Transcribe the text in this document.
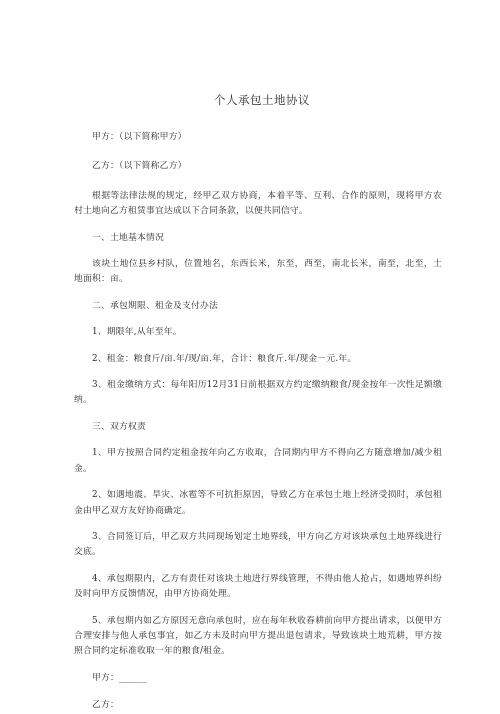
个人承包土地协议

甲方：（以下简称甲方）

乙方：（以下简称乙方）

根据等法律法规的规定，经甲乙双方协商，本着平等、互利、合作的原则，现将甲方农村土地向乙方租赁事宜达成以下合同条款，以便共同信守。

一、土地基本情况

该块土地位县乡村队，位置地名，东西长米，东至，西至，南北长米，南至，北至，土地面积：亩。

二、承包期限、租金及支付办法

1、期限年,从年至年。

2、租金：粮食斤/亩.年/现/亩.年，合计：粮食斤.年/现金－元.年。

3、租金缴纳方式：每年阳历12月31日前根据双方约定缴纳粮食/现金按年一次性足额缴纳。

三、双方权责

1、甲方按照合同约定租金按年向乙方收取，合同期内甲方不得向乙方随意增加/减少租金。

2、如遇地震、旱灾、冰雹等不可抗拒原因，导致乙方在承包土地上经济受损时，承包租金由甲乙双方友好协商确定。

3、合同签订后，甲乙双方共同现场划定土地界线，甲方向乙方对该块承包土地界线进行交底。

4、承包期限内，乙方有责任对该块土地进行界线管理，不得由他人抢占，如遇地界纠纷及时向甲方反馈情况，由甲方协商处理。

5、承包期内如乙方原因无意向承包时，应在每年秋收春耕前向甲方提出请求，以便甲方合理安排与他人承包事宜，如乙方未及时向甲方提出退包请求，导致该块土地荒耕，甲方按照合同约定标准收取一年的粮食/租金。

甲方：______

乙方：
